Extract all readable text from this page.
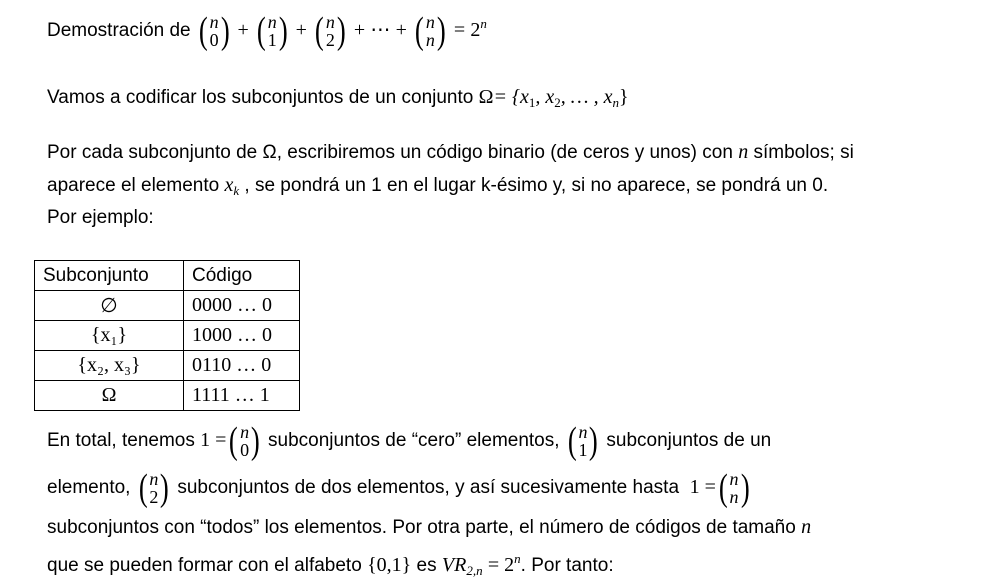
Demostración de ( n
0 ) + ( n
1 ) + ( n
2 ) + ⋯ + ( n
n ) = $2^n$
Vamos a codificar los subconjuntos de un conjunto $\Omega= \{x_1$, $x_2$, … , $x_n$}
Por cada subconjunto de Ω, escribiremos un código binario (de ceros y unos) con n símbolos; si
aparece el elemento $x_k$ , se pondrá un 1 en el lugar k-ésimo y, si no aparece, se pondrá un 0.
Por ejemplo:
Subconjunto	Código
∅	0000 … 0
{x₁}	1000 … 0
{x₂, x₃}	0110 … 0
Ω	1111 … 1
En total, tenemos 1 = ( n
0 ) subconjuntos de “cero” elementos, ( n
1 ) subconjuntos de un
elemento, ( n
2 ) subconjuntos de dos elementos, y así sucesivamente hasta 1 = ( n
n )
subconjuntos con “todos” los elementos. Por otra parte, el número de códigos de tamaño n
que se pueden formar con el alfabeto {0,1} es $VR_{2,n} = 2^n$. Por tanto:
